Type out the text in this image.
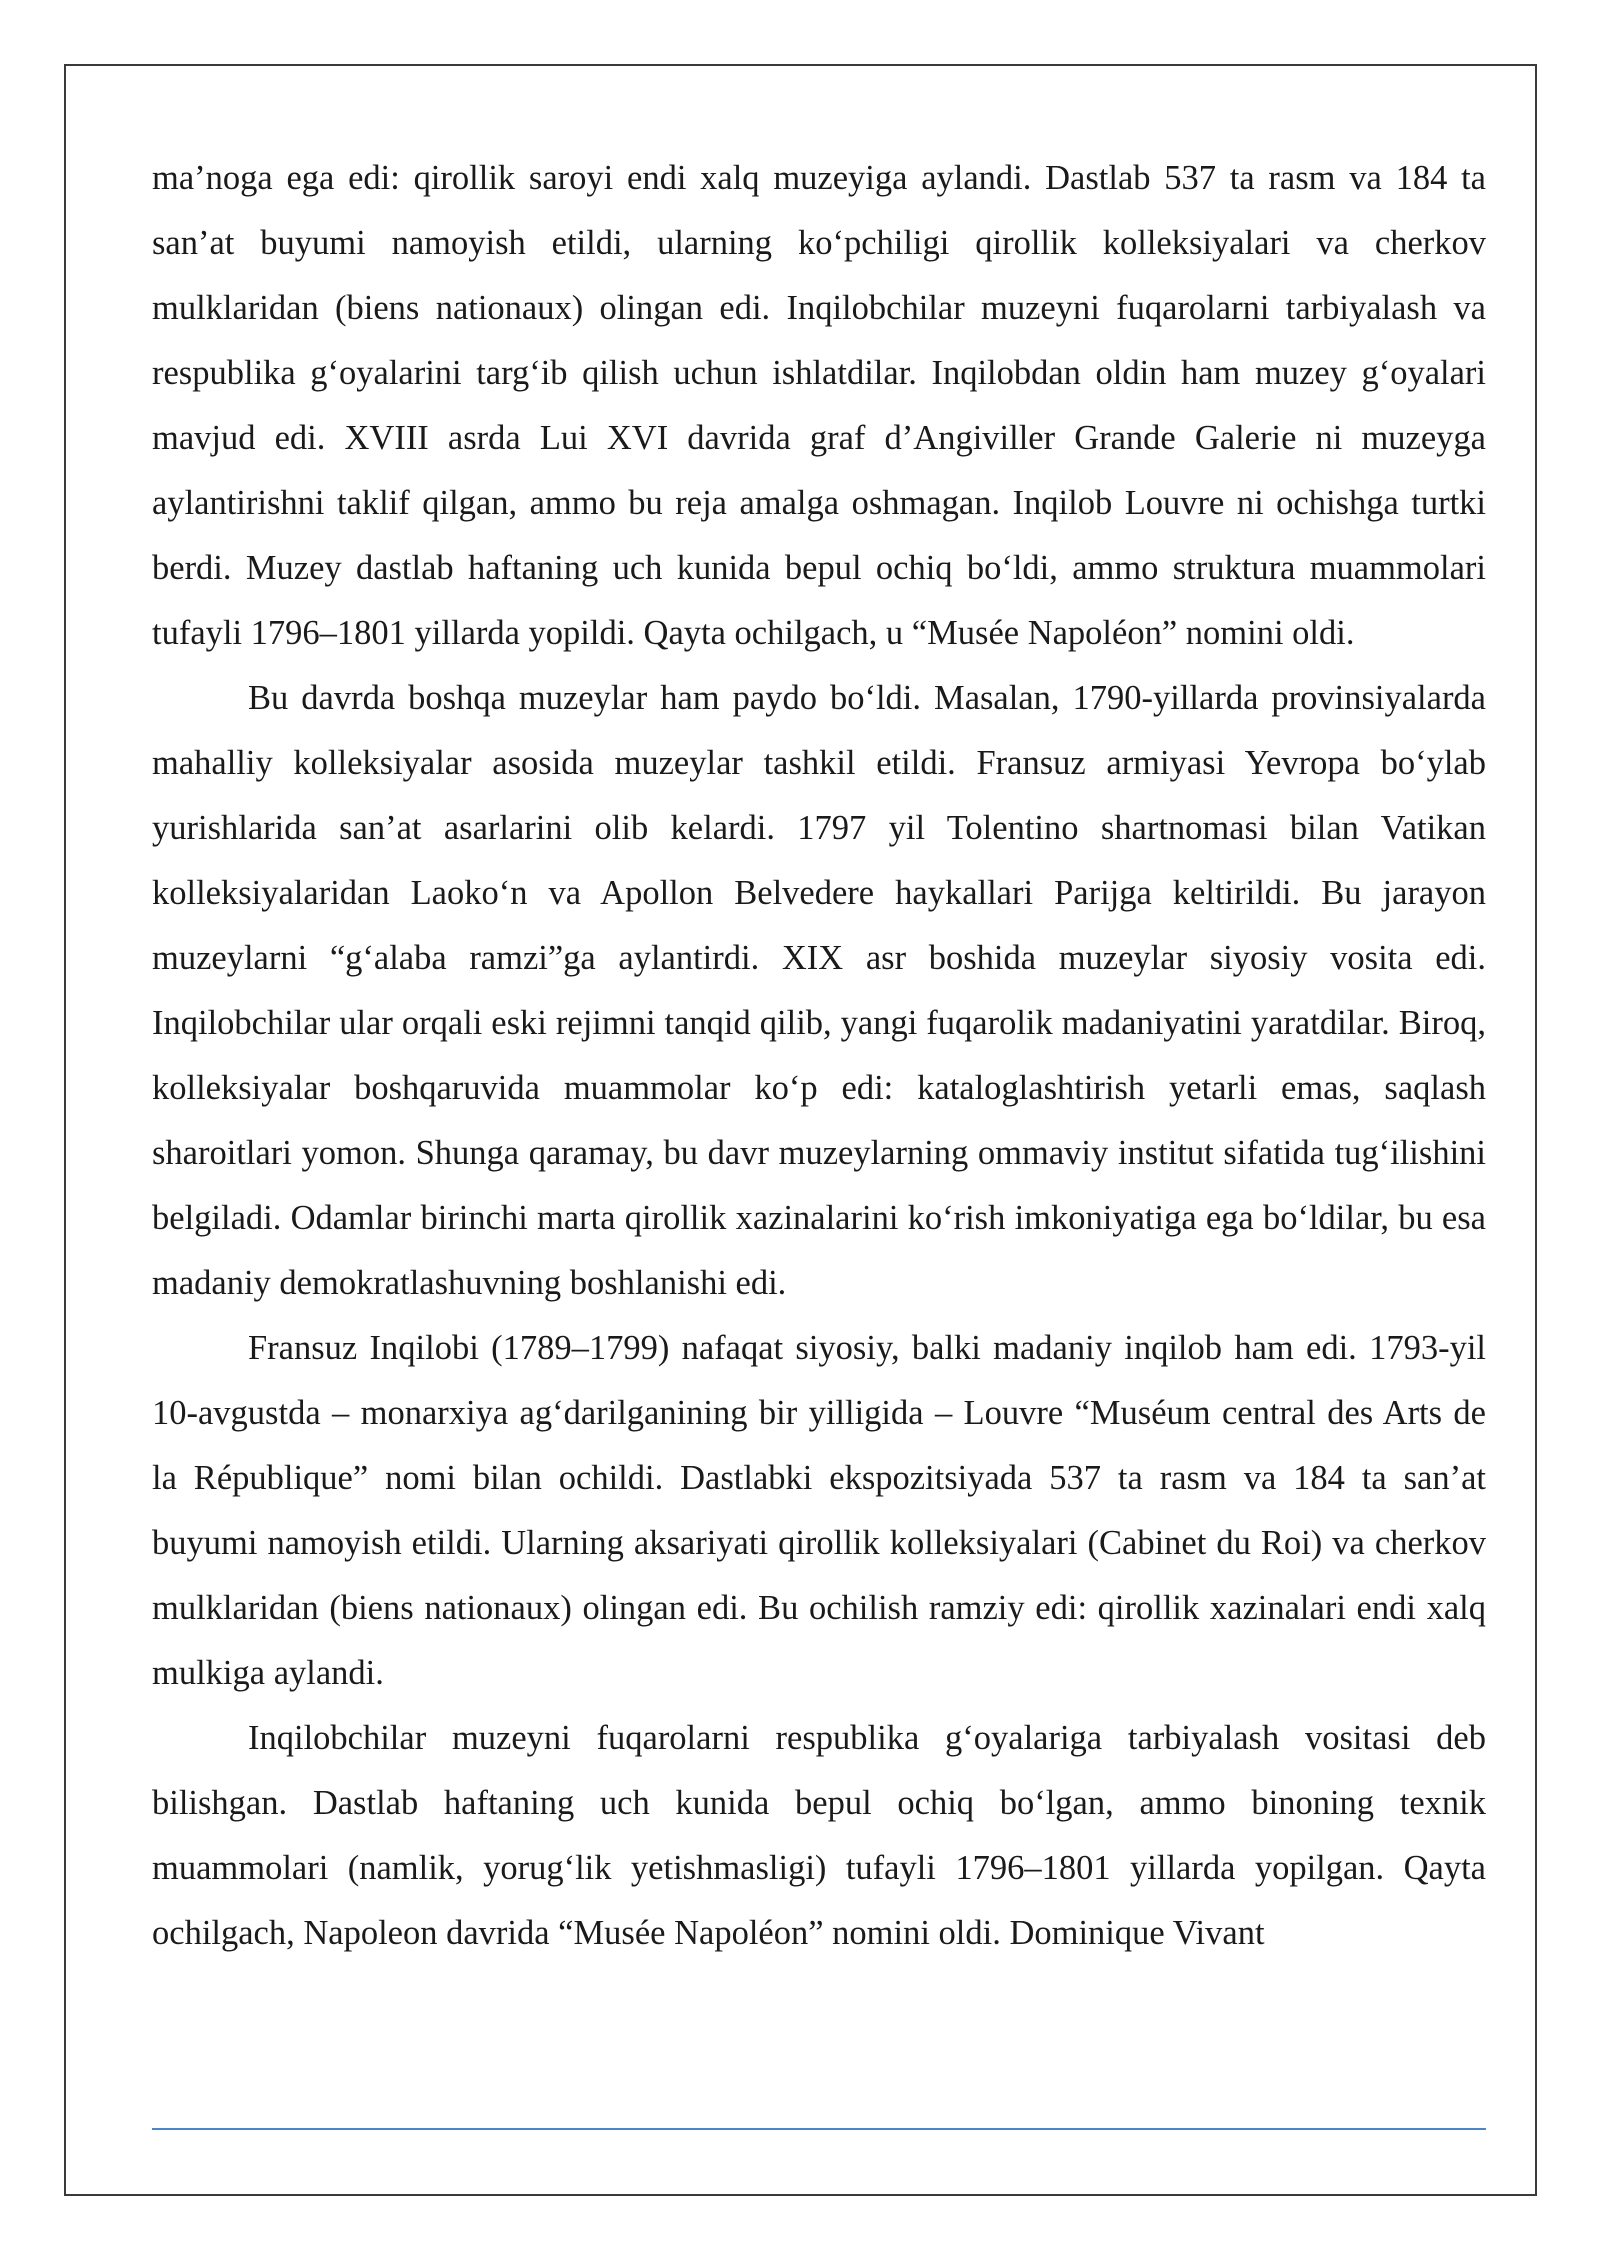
ma’noga ega edi: qirollik saroyi endi xalq muzeyiga aylandi. Dastlab 537 ta rasm va 184 ta san’at buyumi namoyish etildi, ularning ko‘pchiligi qirollik kolleksiyalari va cherkov mulklaridan (biens nationaux) olingan edi. Inqilobchilar muzeyni fuqarolarni tarbiyalash va respublika g‘oyalarini targ‘ib qilish uchun ishlatdilar. Inqilobdan oldin ham muzey g‘oyalari mavjud edi. XVIII asrda Lui XVI davrida graf d’Angiviller Grande Galerie ni muzeyga aylantirishni taklif qilgan, ammo bu reja amalga oshmagan. Inqilob Louvre ni ochishga turtki berdi. Muzey dastlab haftaning uch kunida bepul ochiq bo‘ldi, ammo struktura muammolari tufayli 1796–1801 yillarda yopildi. Qayta ochilgach, u “Musée Napoléon” nomini oldi.

Bu davrda boshqa muzeylar ham paydo bo‘ldi. Masalan, 1790-yillarda provinsiyalarda mahalliy kolleksiyalar asosida muzeylar tashkil etildi. Fransuz armiyasi Yevropa bo‘ylab yurishlarida san’at asarlarini olib kelardi. 1797 yil Tolentino shartnomasi bilan Vatikan kolleksiyalaridan Laoko‘n va Apollon Belvedere haykallari Parijga keltirildi. Bu jarayon muzeylarni “g‘alaba ramzi”ga aylantirdi. XIX asr boshida muzeylar siyosiy vosita edi. Inqilobchilar ular orqali eski rejimni tanqid qilib, yangi fuqarolik madaniyatini yaratdilar. Biroq, kolleksiyalar boshqaruvida muammolar ko‘p edi: kataloglashtirish yetarli emas, saqlash sharoitlari yomon. Shunga qaramay, bu davr muzeylarning ommaviy institut sifatida tug‘ilishini belgiladi. Odamlar birinchi marta qirollik xazinalarini ko‘rish imkoniyatiga ega bo‘ldilar, bu esa madaniy demokratlashuvning boshlanishi edi.

Fransuz Inqilobi (1789–1799) nafaqat siyosiy, balki madaniy inqilob ham edi. 1793-yil 10-avgustda – monarxiya ag‘darilganining bir yilligida – Louvre “Muséum central des Arts de la République” nomi bilan ochildi. Dastlabki ekspozitsiyada 537 ta rasm va 184 ta san’at buyumi namoyish etildi. Ularning aksariyati qirollik kolleksiyalari (Cabinet du Roi) va cherkov mulklaridan (biens nationaux) olingan edi. Bu ochilish ramziy edi: qirollik xazinalari endi xalq mulkiga aylandi.

Inqilobchilar muzeyni fuqarolarni respublika g‘oyalariga tarbiyalash vositasi deb bilishgan. Dastlab haftaning uch kunida bepul ochiq bo‘lgan, ammo binoning texnik muammolari (namlik, yorug‘lik yetishmasligi) tufayli 1796–1801 yillarda yopilgan. Qayta ochilgach, Napoleon davrida “Musée Napoléon” nomini oldi. Dominique Vivant
